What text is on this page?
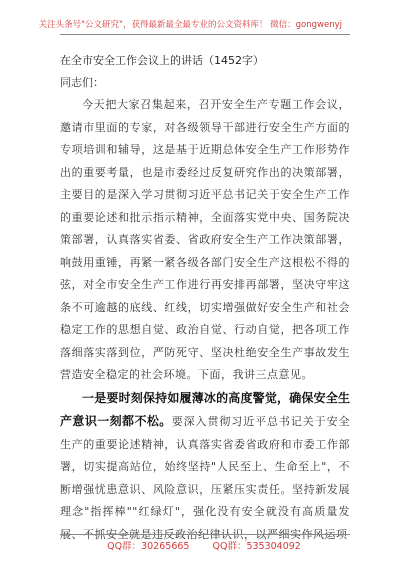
关注头条号"公文研究"，获得最新最全最专业的公文资料库！ 微信：gongwenyj

在全市安全工作会议上的讲话（1452字）

同志们：

今天把大家召集起来，召开安全生产专题工作会议，邀请市里面的专家，对各级领导干部进行安全生产方面的专项培训和辅导，这是基于近期总体安全生产工作形势作出的重要考量，也是市委经过反复研究作出的决策部署，主要目的是深入学习贯彻习近平总书记关于安全生产工作的重要论述和批示指示精神，全面落实党中央、国务院决策部署，认真落实省委、省政府安全生产工作决策部署，响鼓用重锤，再紧一紧各级各部门安全生产这根松不得的弦，对全市安全生产工作进行再安排再部署，坚决守牢这条不可逾越的底线、红线，切实增强做好安全生产和社会稳定工作的思想自觉、政治自觉、行动自觉，把各项工作落细落实落到位，严防死守、坚决杜绝安全生产事故发生营造安全稳定的社会环境。下面，我讲三点意见。

一是要时刻保持如履薄冰的高度警觉，确保安全生产意识一刻都不松。要深入贯彻习近平总书记关于安全生产的重要论述精神，认真落实省委省政府和市委工作部署，切实提高站位，始终坚持"人民至上、生命至上"，不断增强忧患意识、风险意识，压紧压实责任。坚持新发展理念"指挥棒""红绿灯"，强化没有安全就没有高质量发展、不抓安全就是违反政治纪律认识，以严细实作风运项

QQ群：30265665 QQ群：535304092
